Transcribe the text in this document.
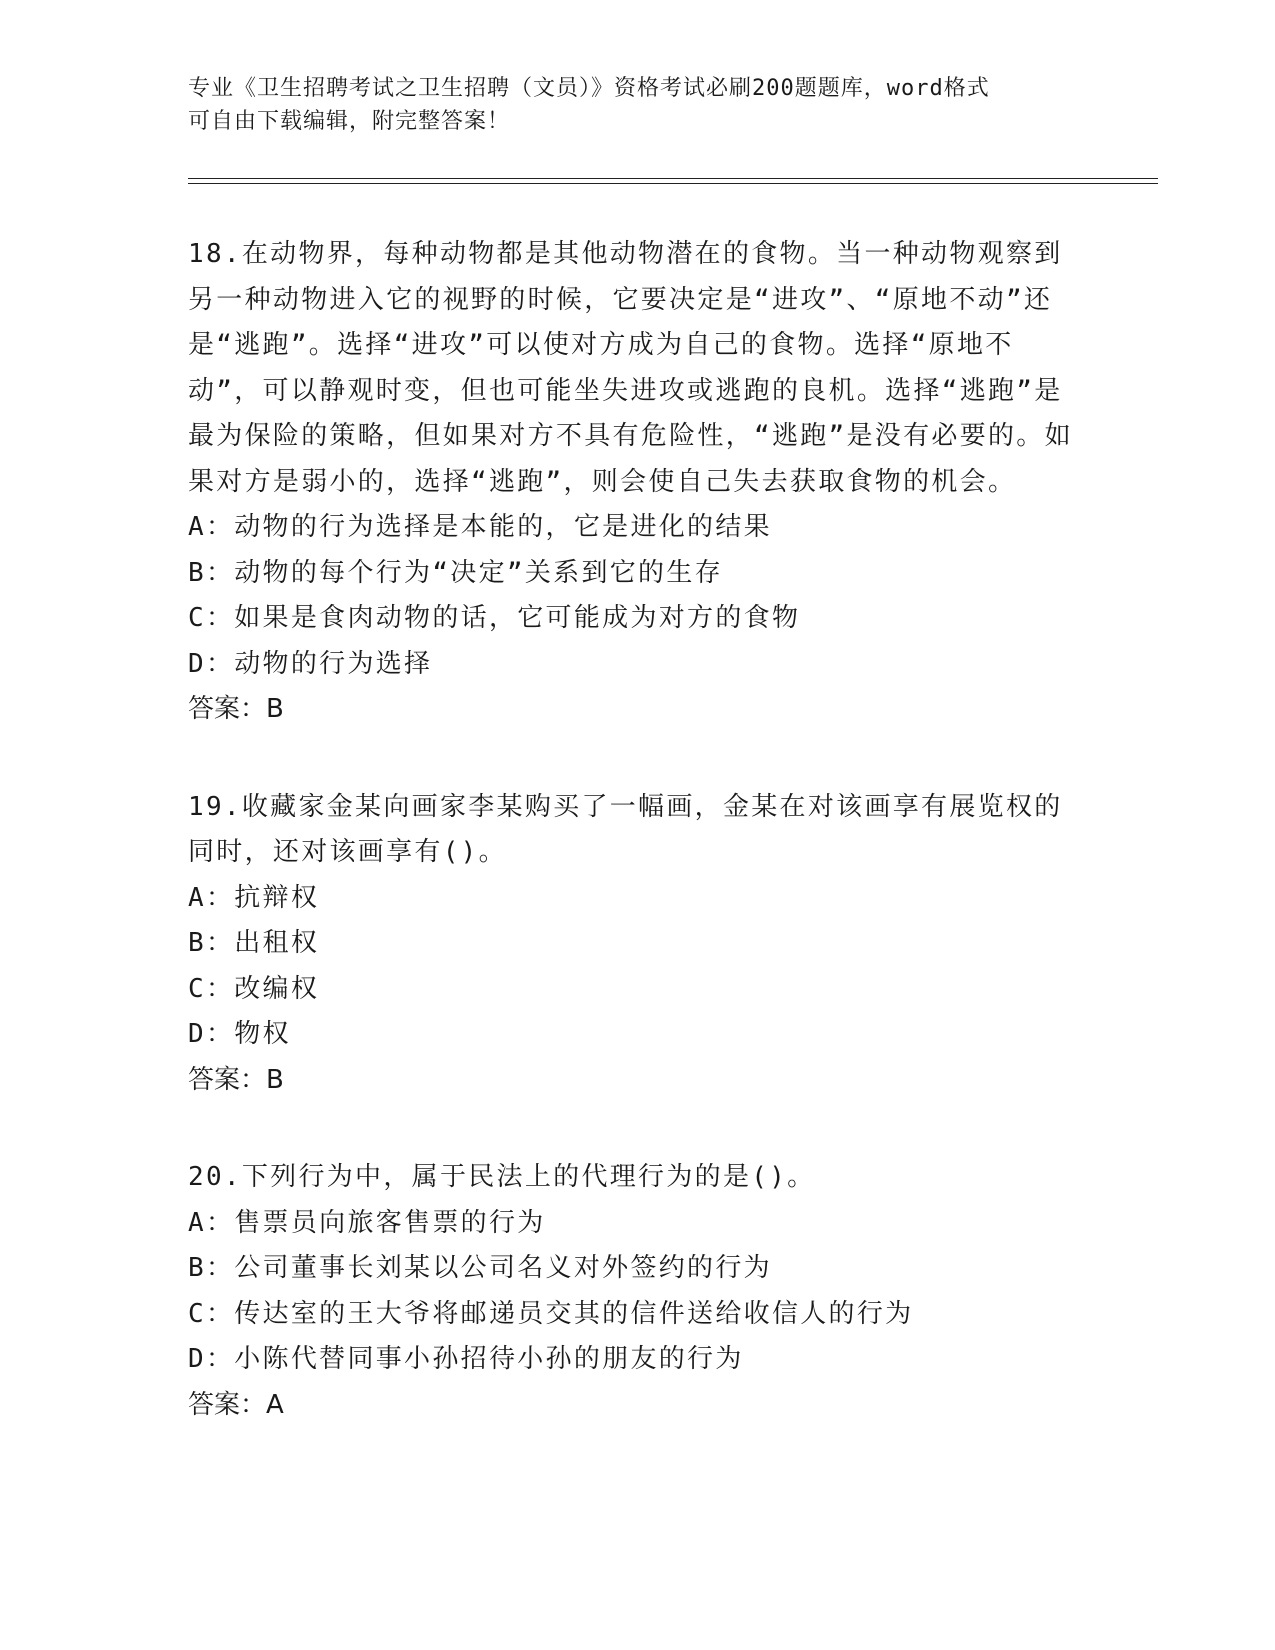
专业《卫生招聘考试之卫生招聘（文员）》资格考试必刷200题题库，word格式
可自由下载编辑，附完整答案！

18.在动物界，每种动物都是其他动物潜在的食物。当一种动物观察到另一种动物进入它的视野的时候，它要决定是“进攻”、“原地不动”还是“逃跑”。选择“进攻”可以使对方成为自己的食物。选择“原地不动”，可以静观时变，但也可能坐失进攻或逃跑的良机。选择“逃跑”是最为保险的策略，但如果对方不具有危险性，“逃跑”是没有必要的。如果对方是弱小的，选择“逃跑”，则会使自己失去获取食物的机会。

A：动物的行为选择是本能的，它是进化的结果

B：动物的每个行为“决定”关系到它的生存

C：如果是食肉动物的话，它可能成为对方的食物

D：动物的行为选择

答案：B

19.收藏家金某向画家李某购买了一幅画，金某在对该画享有展览权的同时，还对该画享有()。

A：抗辩权

B：出租权

C：改编权

D：物权

答案：B

20.下列行为中，属于民法上的代理行为的是()。

A：售票员向旅客售票的行为

B：公司董事长刘某以公司名义对外签约的行为

C：传达室的王大爷将邮递员交其的信件送给收信人的行为

D：小陈代替同事小孙招待小孙的朋友的行为

答案：A
